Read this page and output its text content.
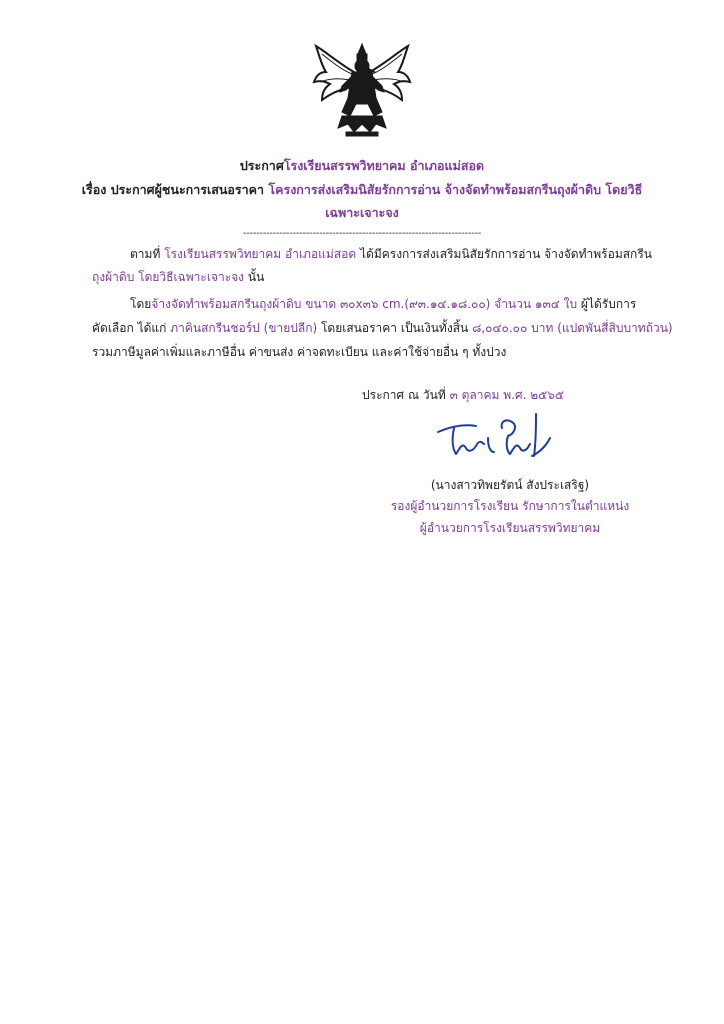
ประกาศโรงเรียนสรรพวิทยาคม อำเภอแม่สอด
เรื่อง ประกาศผู้ชนะการเสนอราคา โครงการส่งเสริมนิสัยรักการอ่าน จ้างจัดทำพร้อมสกรีนถุงผ้าดิบ โดยวิธี
เฉพาะเจาะจง
------------------------------------------------------------------------
ตามที่ โรงเรียนสรรพวิทยาคม อำเภอแม่สอด ได้มีครงการส่งเสริมนิสัยรักการอ่าน จ้างจัดทำพร้อมสกรีน
ถุงผ้าดิบ โดยวิธีเฉพาะเจาะจง นั้น
โดยจ้างจัดทำพร้อมสกรีนถุงผ้าดิบ ขนาด ๓๐x๓๖ cm.(๙๓.๑๔.๑๘.๐๐) จำนวน ๑๓๔ ใบ ผู้ได้รับการ
คัดเลือก ได้แก่ ภาคินสกรีนชอร์ป (ขายปลีก) โดยเสนอราคา เป็นเงินทั้งสิ้น ๘,๐๔๐.๐๐ บาท (แปดพันสี่สิบบาทถ้วน)
รวมภาษีมูลค่าเพิ่มและภาษีอื่น ค่าขนส่ง ค่าจดทะเบียน และค่าใช้จ่ายอื่น ๆ ทั้งปวง
ประกาศ ณ วันที่ ๓ ตุลาคม พ.ศ. ๒๕๖๕
(นางสาวทิพยรัตน์ สังประเสริฐ)
รองผู้อำนวยการโรงเรียน รักษาการในตำแหน่ง
ผู้อำนวยการโรงเรียนสรรพวิทยาคม
